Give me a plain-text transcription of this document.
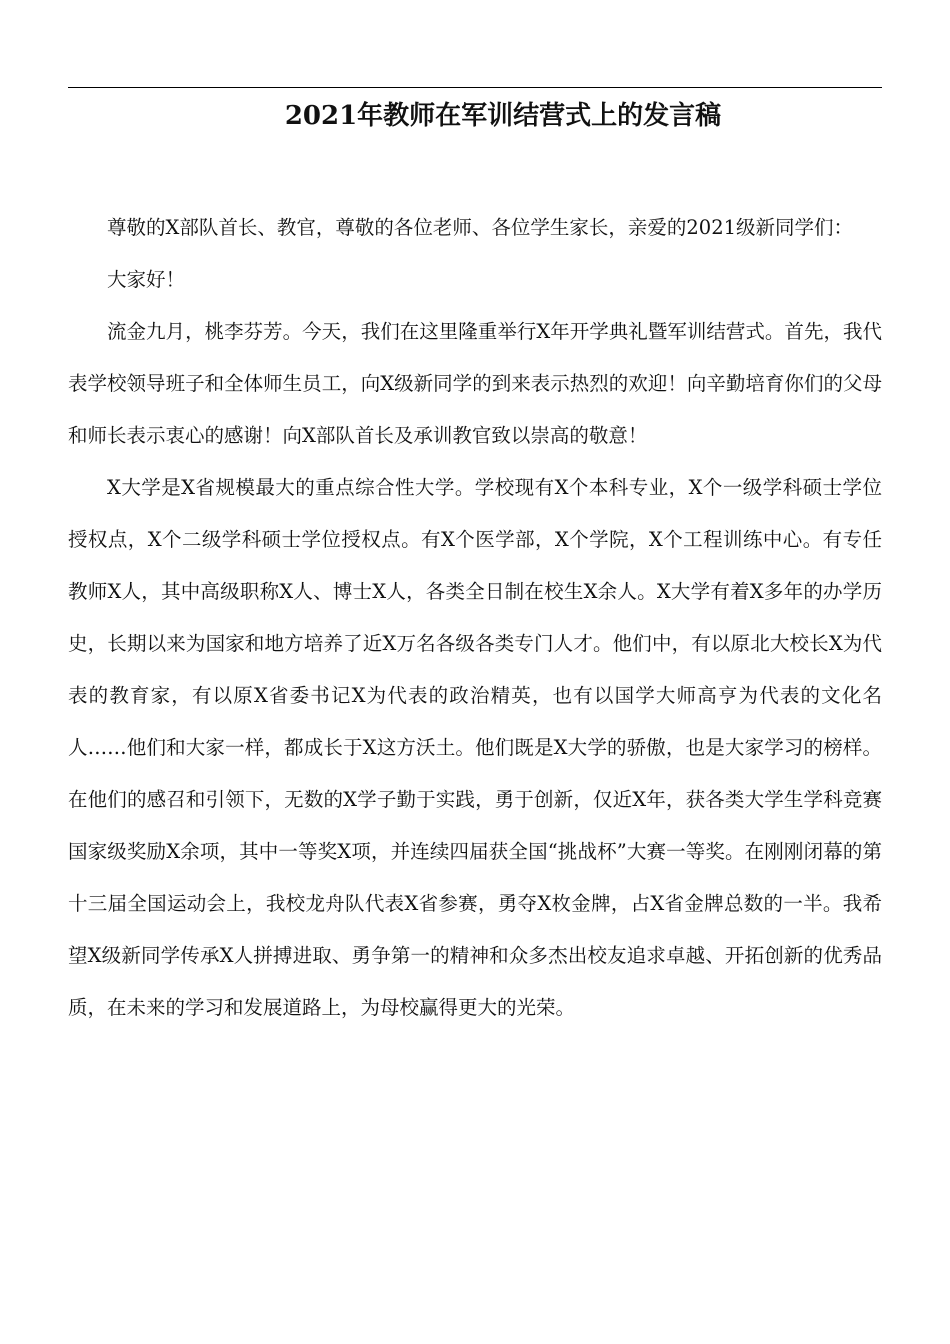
2021年教师在军训结营式上的发言稿

尊敬的X部队首长、教官，尊敬的各位老师、各位学生家长，亲爱的2021级新同学们：

大家好！

流金九月，桃李芬芳。今天，我们在这里隆重举行X年开学典礼暨军训结营式。首先，我代表学校领导班子和全体师生员工，向X级新同学的到来表示热烈的欢迎！向辛勤培育你们的父母和师长表示衷心的感谢！向X部队首长及承训教官致以崇高的敬意！

X大学是X省规模最大的重点综合性大学。学校现有X个本科专业，X个一级学科硕士学位授权点，X个二级学科硕士学位授权点。有X个医学部，X个学院，X个工程训练中心。有专任教师X人，其中高级职称X人、博士X人，各类全日制在校生X余人。X大学有着X多年的办学历史，长期以来为国家和地方培养了近X万名各级各类专门人才。他们中，有以原北大校长X为代表的教育家，有以原X省委书记X为代表的政治精英，也有以国学大师高亨为代表的文化名人……他们和大家一样，都成长于X这方沃土。他们既是X大学的骄傲，也是大家学习的榜样。在他们的感召和引领下，无数的X学子勤于实践，勇于创新，仅近X年，获各类大学生学科竞赛国家级奖励X余项，其中一等奖X项，并连续四届获全国“挑战杯”大赛一等奖。在刚刚闭幕的第十三届全国运动会上，我校龙舟队代表X省参赛，勇夺X枚金牌，占X省金牌总数的一半。我希望X级新同学传承X人拼搏进取、勇争第一的精神和众多杰出校友追求卓越、开拓创新的优秀品质，在未来的学习和发展道路上，为母校赢得更大的光荣。
